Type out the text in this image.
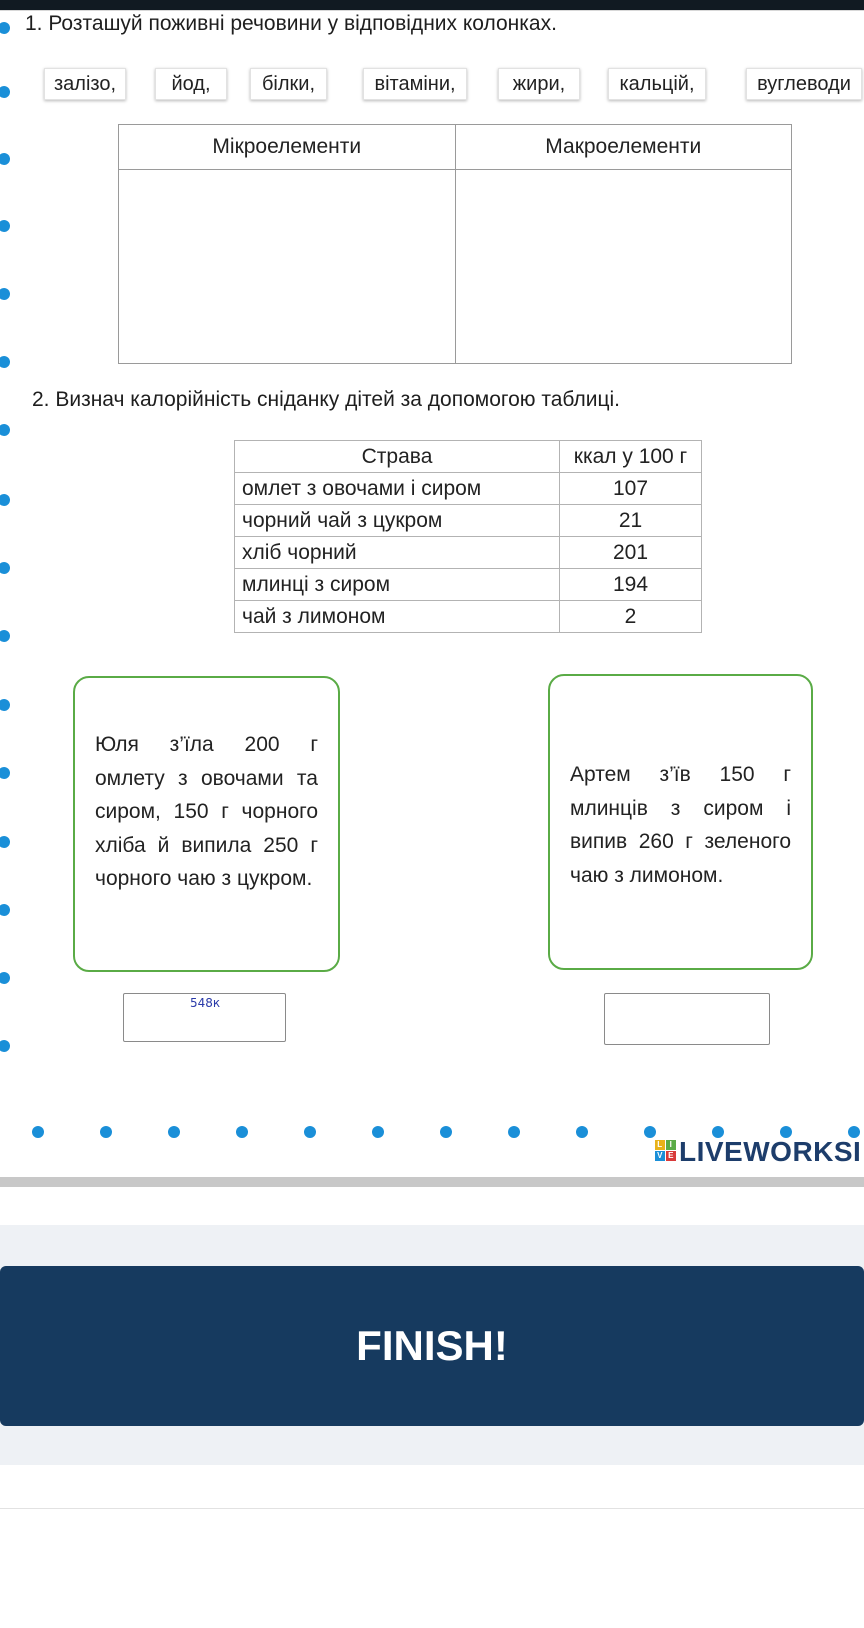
1. Розташуй поживні речовини у відповідних колонках.
залізо,	йод,	білки,	вітаміни,	жири,	кальцій,	вуглеводи
Мікроелементи	Макроелементи

2. Визнач калорійність сніданку дітей за допомогою таблиці.
Страва	ккал у 100 г
омлет з овочами і сиром	107
чорний чай з цукром	21
хліб чорний	201
млинці з сиром	194
чай з лимоном	2
Юля з’їла 200 г омлету з овочами та сиром, 150 г чорного хліба й випила 250 г чорного чаю з цукром.
Артем з’їв 150 г млинців з сиром і випив 260 г зеленого чаю з лимоном.
548к
L I
V E LIVEWORKSI
FINISH!
